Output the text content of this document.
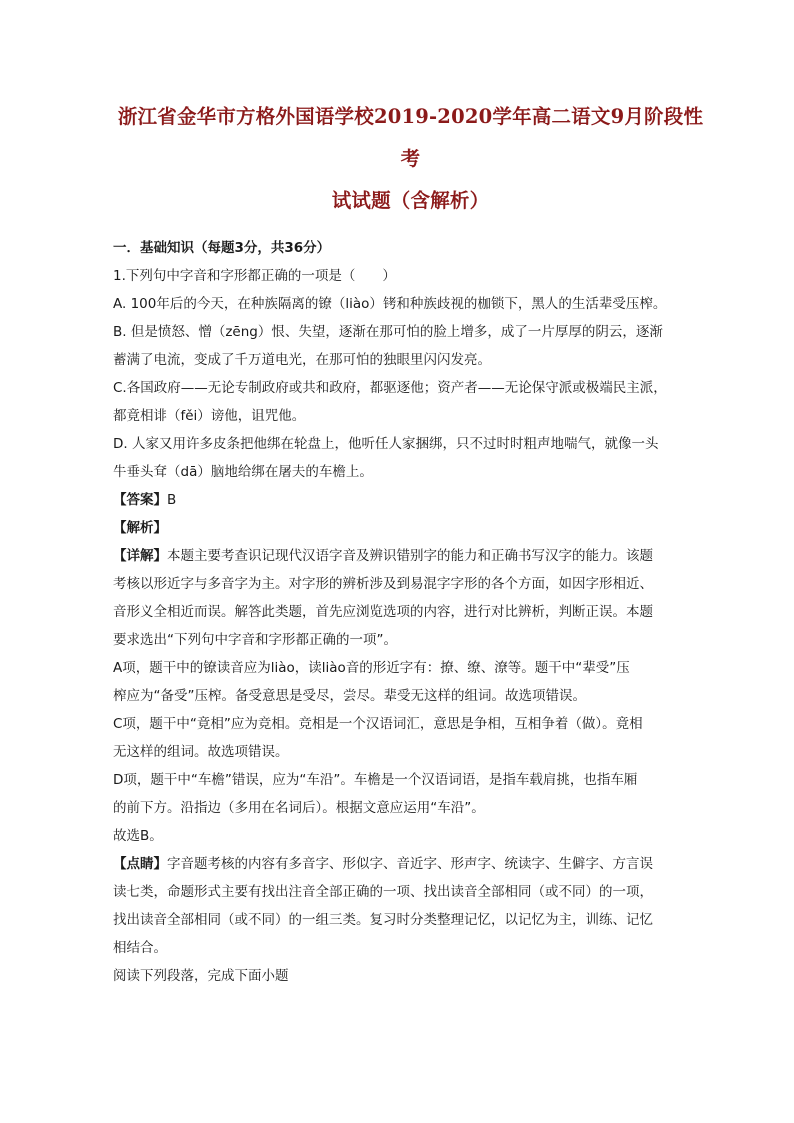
浙江省金华市方格外国语学校2019-2020学年高二语文9月阶段性考
试试题（含解析）
一．基础知识（每题3分，共36分）

1.下列句中字音和字形都正确的一项是（　　）

A. 100年后的今天，在种族隔离的镣（liào）铐和种族歧视的枷锁下，黑人的生活辈受压榨。

B. 但是愤怒、憎（zēng）恨、失望，逐渐在那可怕的脸上增多，成了一片厚厚的阴云，逐渐

蓄满了电流，变成了千万道电光，在那可怕的独眼里闪闪发亮。

C.各国政府——无论专制政府或共和政府，都驱逐他；资产者——无论保守派或极端民主派，

都竟相诽（fěi）谤他，诅咒他。

D. 人家又用许多皮条把他绑在轮盘上，他听任人家捆绑，只不过时时粗声地喘气，就像一头

牛垂头耷（dā）脑地给绑在屠夫的车檐上。

【答案】B

【解析】

【详解】本题主要考查识记现代汉语字音及辨识错别字的能力和正确书写汉字的能力。该题

考核以形近字与多音字为主。对字形的辨析涉及到易混字字形的各个方面，如因字形相近、

音形义全相近而误。解答此类题，首先应浏览选项的内容，进行对比辨析，判断正误。本题

要求选出“下列句中字音和字形都正确的一项”。

A项，题干中的镣读音应为liào，读liào音的形近字有：撩、缭、潦等。题干中“辈受”压

榨应为“备受”压榨。备受意思是受尽，尝尽。辈受无这样的组词。故选项错误。

C项，题干中“竟相”应为竞相。竞相是一个汉语词汇，意思是争相，互相争着（做）。竟相

无这样的组词。故选项错误。

D项，题干中“车檐”错误，应为“车沿”。车檐是一个汉语词语，是指车载肩挑，也指车厢

的前下方。沿指边（多用在名词后）。根据文意应运用“车沿”。

故选B。

【点睛】字音题考核的内容有多音字、形似字、音近字、形声字、统读字、生僻字、方言误

读七类，命题形式主要有找出注音全部正确的一项、找出读音全部相同（或不同）的一项，

找出读音全部相同（或不同）的一组三类。复习时分类整理记忆，以记忆为主，训练、记忆

相结合。

阅读下列段落，完成下面小题
